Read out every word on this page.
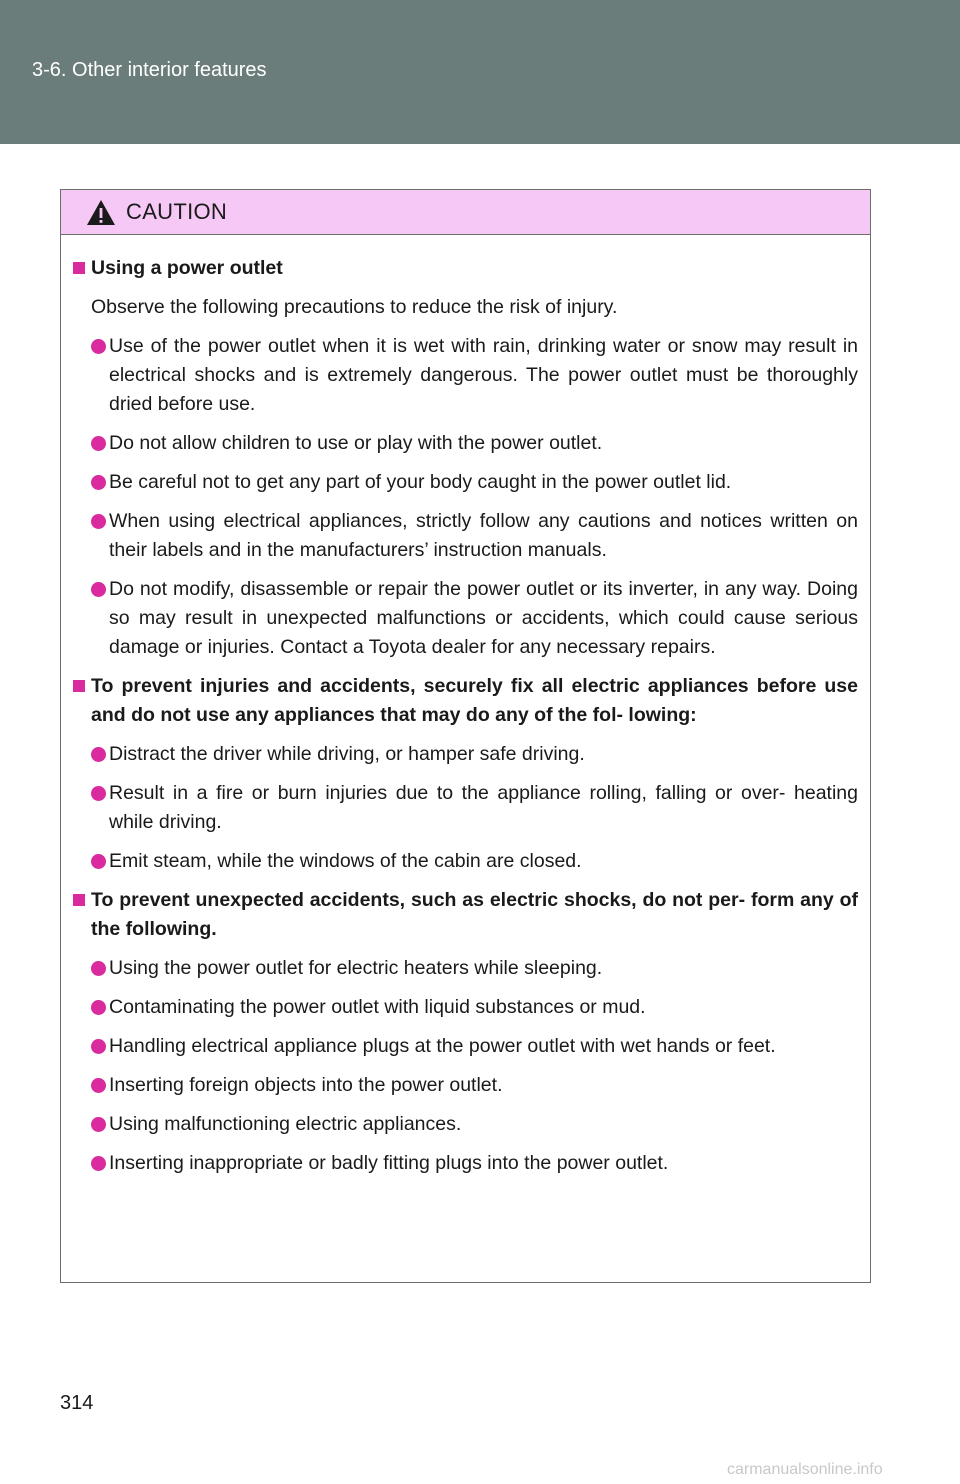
3-6. Other interior features
CAUTION
Using a power outlet
Observe the following precautions to reduce the risk of injury.
Use of the power outlet when it is wet with rain, drinking water or snow may result in electrical shocks and is extremely dangerous. The power outlet must be thoroughly dried before use.
Do not allow children to use or play with the power outlet.
Be careful not to get any part of your body caught in the power outlet lid.
When using electrical appliances, strictly follow any cautions and notices written on their labels and in the manufacturers’ instruction manuals.
Do not modify, disassemble or repair the power outlet or its inverter, in any way. Doing so may result in unexpected malfunctions or accidents, which could cause serious damage or injuries. Contact a Toyota dealer for any necessary repairs.
To prevent injuries and accidents, securely fix all electric appliances before use and do not use any appliances that may do any of the fol- lowing:
Distract the driver while driving, or hamper safe driving.
Result in a fire or burn injuries due to the appliance rolling, falling or over- heating while driving.
Emit steam, while the windows of the cabin are closed.
To prevent unexpected accidents, such as electric shocks, do not per- form any of the following.
Using the power outlet for electric heaters while sleeping.
Contaminating the power outlet with liquid substances or mud.
Handling electrical appliance plugs at the power outlet with wet hands or feet.
Inserting foreign objects into the power outlet.
Using malfunctioning electric appliances.
Inserting inappropriate or badly fitting plugs into the power outlet.
314
carmanualsonline.info
